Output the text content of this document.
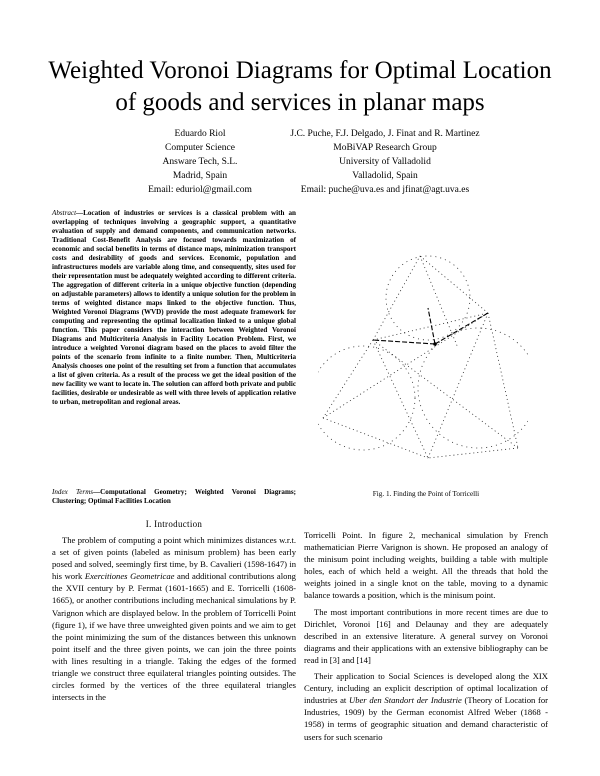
Weighted Voronoi Diagrams for Optimal Location
of goods and services in planar maps
Eduardo Riol
Computer Science
Answare Tech, S.L.
Madrid, Spain
Email: eduriol@gmail.com
J.C. Puche, F.J. Delgado, J. Finat and R. Martinez
MoBiVAP Research Group
University of Valladolid
Valladolid, Spain
Email: puche@uva.es and jfinat@agt.uva.es
Abstract—Location of industries or services is a classical problem with an overlapping of techniques involving a geographic support, a quantitative evaluation of supply and demand components, and communication networks. Traditional Cost-Benefit Analysis are focused towards maximization of economic and social benefits in terms of distance maps, minimization transport costs and desirability of goods and services. Economic, population and infrastructures models are variable along time, and consequently, sites used for their representation must be adequately weighted according to different criteria. The aggregation of different criteria in a unique objective function (depending on adjustable parameters) allows to identify a unique solution for the problem in terms of weighted distance maps linked to the objective function. Thus, Weighted Voronoi Diagrams (WVD) provide the most adequate framework for computing and representing the optimal localization linked to a unique global function. This paper considers the interaction between Weighted Voronoi Diagrams and Multicriteria Analysis in Facility Location Problem. First, we introduce a weighted Voronoi diagram based on the places to avoid filter the points of the scenario from infinite to a finite number. Then, Multicriteria Analysis chooses one point of the resulting set from a function that accumulates a list of given criteria. As a result of the process we get the ideal position of the new facility we want to locate in. The solution can afford both private and public facilities, desirable or undesirable as well with three levels of application relative to urban, metropolitan and regional areas.
Index Terms—Computational Geometry; Weighted Voronoi Diagrams; Clustering; Optimal Facilities Location
I. Introduction

The problem of computing a point which minimizes distances w.r.t. a set of given points (labeled as minisum problem) has been early posed and solved, seemingly first time, by B. Cavalieri (1598-1647) in his work Exercitiones Geometricae and additional contributions along the XVII century by P. Fermat (1601-1665) and E. Torricelli (1608-1665), or another contributions including mechanical simulations by P. Varignon which are displayed below. In the problem of Torricelli Point (figure 1), if we have three unweighted given points and we aim to get the point minimizing the sum of the distances between this unknown point itself and the three given points, we can join the three points with lines resulting in a triangle. Taking the edges of the formed triangle we construct three equilateral triangles pointing outsides. The circles formed by the vertices of the three equilateral triangles intersects in the

Fig. 1. Finding the Point of Torricelli

Torricelli Point. In figure 2, mechanical simulation by French mathematician Pierre Varignon is shown. He proposed an analogy of the minisum point including weights, building a table with multiple holes, each of which held a weight. All the threads that hold the weights joined in a single knot on the table, moving to a dynamic balance towards a position, which is the minisum point.

The most important contributions in more recent times are due to Dirichlet, Voronoi [16] and Delaunay and they are adequately described in an extensive literature. A general survey on Voronoi diagrams and their applications with an extensive bibliography can be read in [3] and [14]

Their application to Social Sciences is developed along the XIX Century, including an explicit description of optimal localization of industries at Uber den Standort der Industrie (Theory of Location for Industries, 1909) by the German economist Alfred Weber (1868 - 1958) in terms of geographic situation and demand characteristic of users for such scenario
